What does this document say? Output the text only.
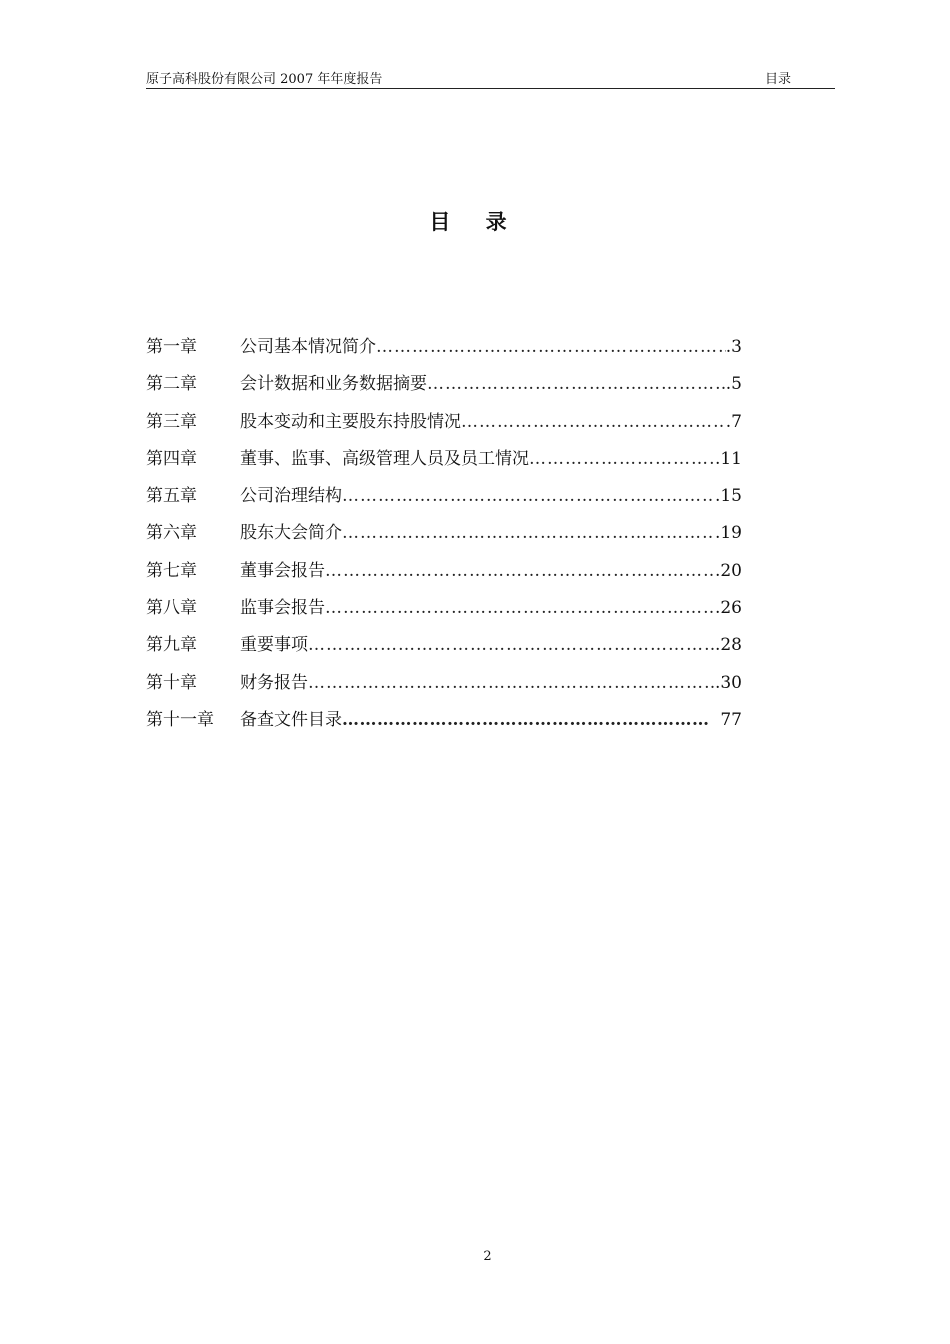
原子高科股份有限公司 2007 年年度报告	目录
目 录
第一章	公司基本情况简介 …………………………………………………………………………………………………………………………	.3
第二章	会计数据和业务数据摘要 …………………………………………………………………………………………………………………………	.5
第三章	股本变动和主要股东持股情况 …………………………………………………………………………………………………………………………	.7
第四章	董事、监事、高级管理人员及员工情况 …………………………………………………………………………………………………………………………	.11
第五章	公司治理结构 …………………………………………………………………………………………………………………………	.15
第六章	股东大会简介 …………………………………………………………………………………………………………………………	.19
第七章	董事会报告 …………………………………………………………………………………………………………………………	.20
第八章	监事会报告 …………………………………………………………………………………………………………………………	.26
第九章	重要事项 …………………………………………………………………………………………………………………………	.28
第十章	财务报告 …………………………………………………………………………………………………………………………	.30
第十一章 备查文件目录 …………………………………………………………………………………………………………………………	77
2
